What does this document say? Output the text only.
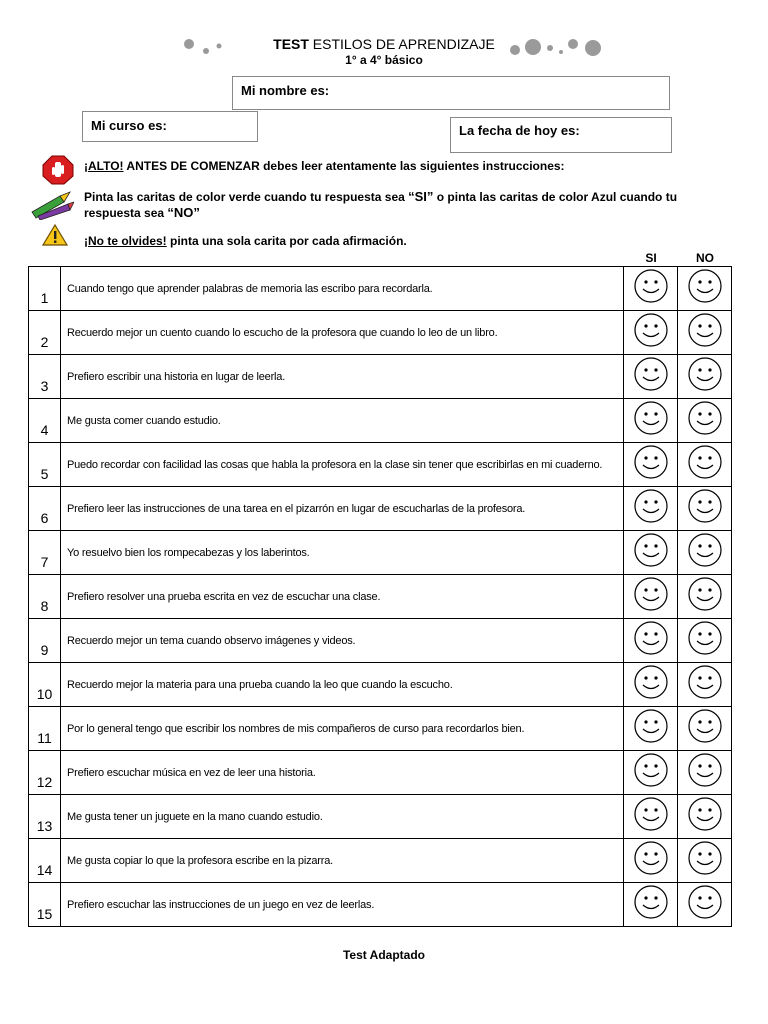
TEST ESTILOS DE APRENDIZAJE
1° a 4° básico
Mi nombre es:
Mi curso es:	La fecha de hoy es:
¡ALTO! ANTES DE COMENZAR debes leer atentamente las siguientes instrucciones:
Pinta las caritas de color verde cuando tu respuesta sea “SI” o pinta las caritas de color Azul cuando tu respuesta sea “NO”
¡No te olvides! pinta una sola carita por cada afirmación.
SI	NO
1	Cuando tengo que aprender palabras de memoria las escribo para recordarla.	

2	Recuerdo mejor un cuento cuando lo escucho de la profesora que cuando lo leo de un libro.	

3	Prefiero escribir una historia en lugar de leerla.	

4	Me gusta comer cuando estudio.	

5	Puedo recordar con facilidad las cosas que habla la profesora en la clase sin tener que escribirlas en mi cuaderno.	

6	Prefiero leer las instrucciones de una tarea en el pizarrón en lugar de escucharlas de la profesora.	

7	Yo resuelvo bien los rompecabezas y los laberintos.	

8	Prefiero resolver una prueba escrita en vez de escuchar una clase.	

9	Recuerdo mejor un tema cuando observo imágenes y videos.	

10	Recuerdo mejor la materia para una prueba cuando la leo que cuando la escucho.	

11	Por lo general tengo que escribir los nombres de mis compañeros de curso para recordarlos bien.	

12	Prefiero escuchar música en vez de leer una historia.	

13	Me gusta tener un juguete en la mano cuando estudio.	

14	Me gusta copiar lo que la profesora escribe en la pizarra.	

15	Prefiero escuchar las instrucciones de un juego en vez de leerlas.	

Test Adaptado
